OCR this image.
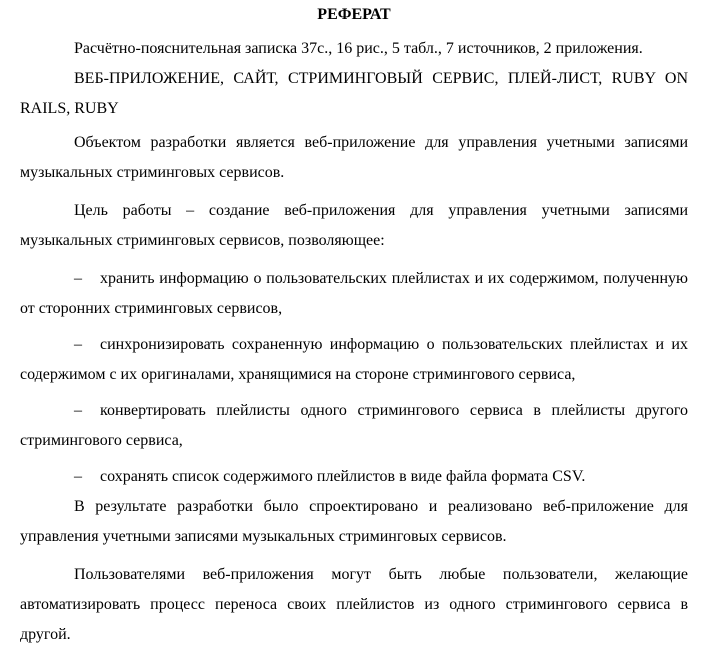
РЕФЕРАТ

Расчётно-пояснительная записка 37с., 16 рис., 5 табл., 7 источников, 2 приложения.

ВЕБ-ПРИЛОЖЕНИЕ, САЙТ, СТРИМИНГОВЫЙ СЕРВИС, ПЛЕЙ-ЛИСТ, RUBY ON RAILS, RUBY

Объектом разработки является веб-приложение для управления учетными записями музыкальных стриминговых сервисов.

Цель работы – создание веб-приложения для управления учетными записями музыкальных стриминговых сервисов, позволяющее:

– хранить информацию о пользовательских плейлистах и их содержимом, полученную от сторонних стриминговых сервисов,

– синхронизировать сохраненную информацию о пользовательских плейлистах и их содержимом с их оригиналами, хранящимися на стороне стримингового сервиса,

– конвертировать плейлисты одного стримингового сервиса в плейлисты другого стримингового сервиса,

– сохранять список содержимого плейлистов в виде файла формата CSV.

В результате разработки было спроектировано и реализовано веб-приложение для управления учетными записями музыкальных стриминговых сервисов.

Пользователями веб-приложения могут быть любые пользователи, желающие автоматизировать процесс переноса своих плейлистов из одного стримингового сервиса в другой.
